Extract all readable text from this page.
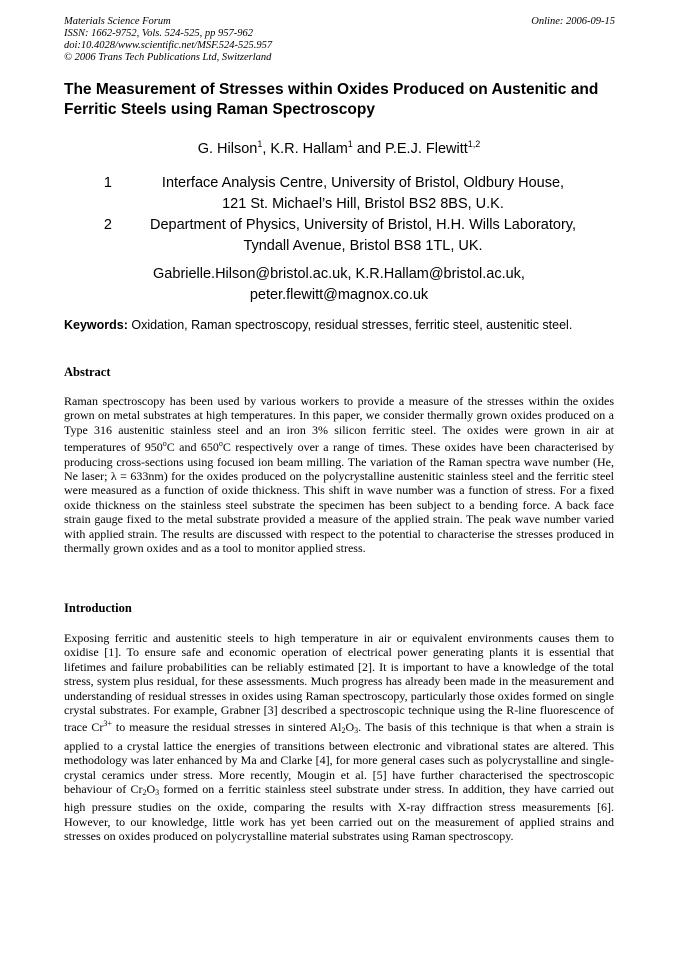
Materials Science Forum
ISSN: 1662-9752, Vols. 524-525, pp 957-962
doi:10.4028/www.scientific.net/MSF.524-525.957
© 2006 Trans Tech Publications Ltd, Switzerland
Online: 2006-09-15
The Measurement of Stresses within Oxides Produced on Austenitic and Ferritic Steels using Raman Spectroscopy
G. Hilson$^1$, K.R. Hallam$^1$ and P.E.J. Flewitt$^{1,2}$
1	Interface Analysis Centre, University of Bristol, Oldbury House,
121 St. Michael’s Hill, Bristol BS2 8BS, U.K.
2	Department of Physics, University of Bristol, H.H. Wills Laboratory,
Tyndall Avenue, Bristol BS8 1TL, UK.
Gabrielle.Hilson@bristol.ac.uk, K.R.Hallam@bristol.ac.uk,
peter.flewitt@magnox.co.uk
Keywords: Oxidation, Raman spectroscopy, residual stresses, ferritic steel, austenitic steel.
Abstract
Raman spectroscopy has been used by various workers to provide a measure of the stresses within the oxides grown on metal substrates at high temperatures. In this paper, we consider thermally grown oxides produced on a Type 316 austenitic stainless steel and an iron 3% silicon ferritic steel. The oxides were grown in air at temperatures of 950$^o$C and 650$^o$C respectively over a range of times. These oxides have been characterised by producing cross-sections using focused ion beam milling. The variation of the Raman spectra wave number (He, Ne laser; λ = 633nm) for the oxides produced on the polycrystalline austenitic stainless steel and the ferritic steel were measured as a function of oxide thickness. This shift in wave number was a function of stress. For a fixed oxide thickness on the stainless steel substrate the specimen has been subject to a bending force. A back face strain gauge fixed to the metal substrate provided a measure of the applied strain. The peak wave number varied with applied strain. The results are discussed with respect to the potential to characterise the stresses produced in thermally grown oxides and as a tool to monitor applied stress.
Introduction
Exposing ferritic and austenitic steels to high temperature in air or equivalent environments causes them to oxidise [1]. To ensure safe and economic operation of electrical power generating plants it is essential that lifetimes and failure probabilities can be reliably estimated [2]. It is important to have a knowledge of the total stress, system plus residual, for these assessments. Much progress has already been made in the measurement and understanding of residual stresses in oxides using Raman spectroscopy, particularly those oxides formed on single crystal substrates. For example, Grabner [3] described a spectroscopic technique using the R-line fluorescence of trace $Cr^{3+}$ to measure the residual stresses in sintered $Al_2O_3$. The basis of this technique is that when a strain is applied to a crystal lattice the energies of transitions between electronic and vibrational states are altered. This methodology was later enhanced by Ma and Clarke [4], for more general cases such as polycrystalline and single-crystal ceramics under stress. More recently, Mougin et al. [5] have further characterised the spectroscopic behaviour of $Cr_2O_3$ formed on a ferritic stainless steel substrate under stress. In addition, they have carried out high pressure studies on the oxide, comparing the results with X-ray diffraction stress measurements [6]. However, to our knowledge, little work has yet been carried out on the measurement of applied strains and stresses on oxides produced on polycrystalline material substrates using Raman spectroscopy.
